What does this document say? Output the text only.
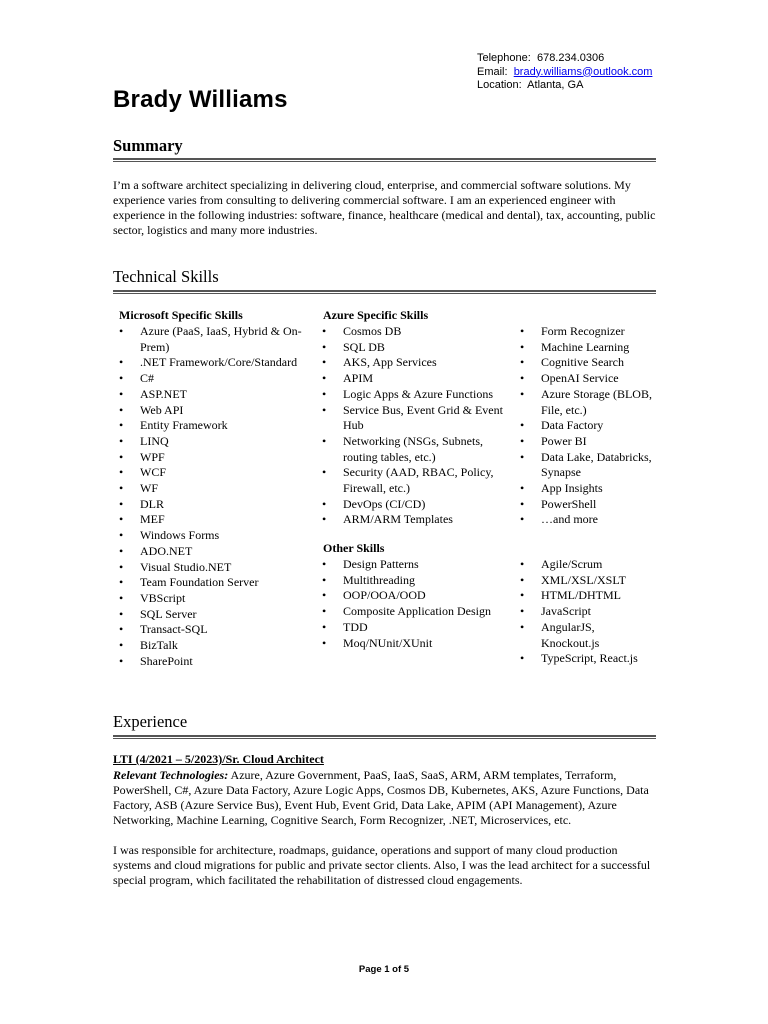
Telephone: 678.234.0306
Email: brady.williams@outlook.com
Location: Atlanta, GA
Brady Williams
Summary
I’m a software architect specializing in delivering cloud, enterprise, and commercial software solutions. My experience varies from consulting to delivering commercial software. I am an experienced engineer with experience in the following industries: software, finance, healthcare (medical and dental), tax, accounting, public sector, logistics and many more industries.
Technical Skills
Microsoft Specific Skills
• Azure (PaaS, IaaS, Hybrid & On-Prem)
• .NET Framework/Core/Standard
• C#
• ASP.NET
• Web API
• Entity Framework
• LINQ
• WPF
• WCF
• WF
• DLR
• MEF
• Windows Forms
• ADO.NET
• Visual Studio.NET
• Team Foundation Server
• VBScript
• SQL Server
• Transact-SQL
• BizTalk
• SharePoint
Azure Specific Skills
• Cosmos DB
• SQL DB
• AKS, App Services
• APIM
• Logic Apps & Azure Functions
• Service Bus, Event Grid & Event Hub
• Networking (NSGs, Subnets, routing tables, etc.)
• Security (AAD, RBAC, Policy, Firewall, etc.)
• DevOps (CI/CD)
• ARM/ARM Templates
• Form Recognizer
• Machine Learning
• Cognitive Search
• OpenAI Service
• Azure Storage (BLOB, File, etc.)
• Data Factory
• Power BI
• Data Lake, Databricks, Synapse
• App Insights
• PowerShell
• …and more
Other Skills
• Design Patterns
• Multithreading
• OOP/OOA/OOD
• Composite Application Design
• TDD
• Moq/NUnit/XUnit
• Agile/Scrum
• XML/XSL/XSLT
• HTML/DHTML
• JavaScript
• AngularJS, Knockout.js
• TypeScript, React.js
Experience
LTI (4/2021 – 5/2023)/Sr. Cloud Architect
Relevant Technologies: Azure, Azure Government, PaaS, IaaS, SaaS, ARM, ARM templates, Terraform, PowerShell, C#, Azure Data Factory, Azure Logic Apps, Cosmos DB, Kubernetes, AKS, Azure Functions, Data Factory, ASB (Azure Service Bus), Event Hub, Event Grid, Data Lake, APIM (API Management), Azure Networking, Machine Learning, Cognitive Search, Form Recognizer, .NET, Microservices, etc.
I was responsible for architecture, roadmaps, guidance, operations and support of many cloud production systems and cloud migrations for public and private sector clients. Also, I was the lead architect for a successful special program, which facilitated the rehabilitation of distressed cloud engagements.
Page 1 of 5
